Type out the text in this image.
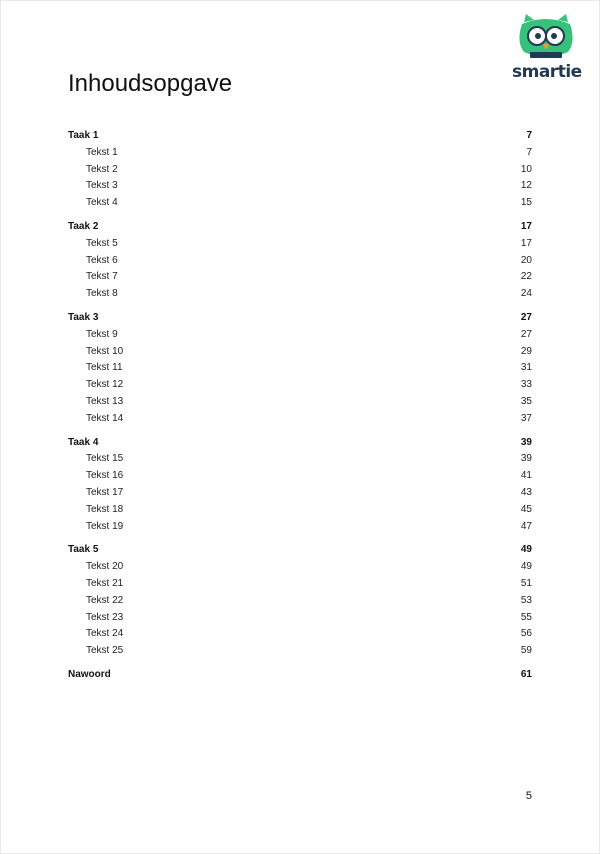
smartie
Inhoudsopgave
Taak 1	7
Tekst 1	7
Tekst 2	10
Tekst 3	12
Tekst 4	15
Taak 2	17
Tekst 5	17
Tekst 6	20
Tekst 7	22
Tekst 8	24
Taak 3	27
Tekst 9	27
Tekst 10	29
Tekst 11	31
Tekst 12	33
Tekst 13	35
Tekst 14	37
Taak 4	39
Tekst 15	39
Tekst 16	41
Tekst 17	43
Tekst 18	45
Tekst 19	47
Taak 5	49
Tekst 20	49
Tekst 21	51
Tekst 22	53
Tekst 23	55
Tekst 24	56
Tekst 25	59
Nawoord	61
5
